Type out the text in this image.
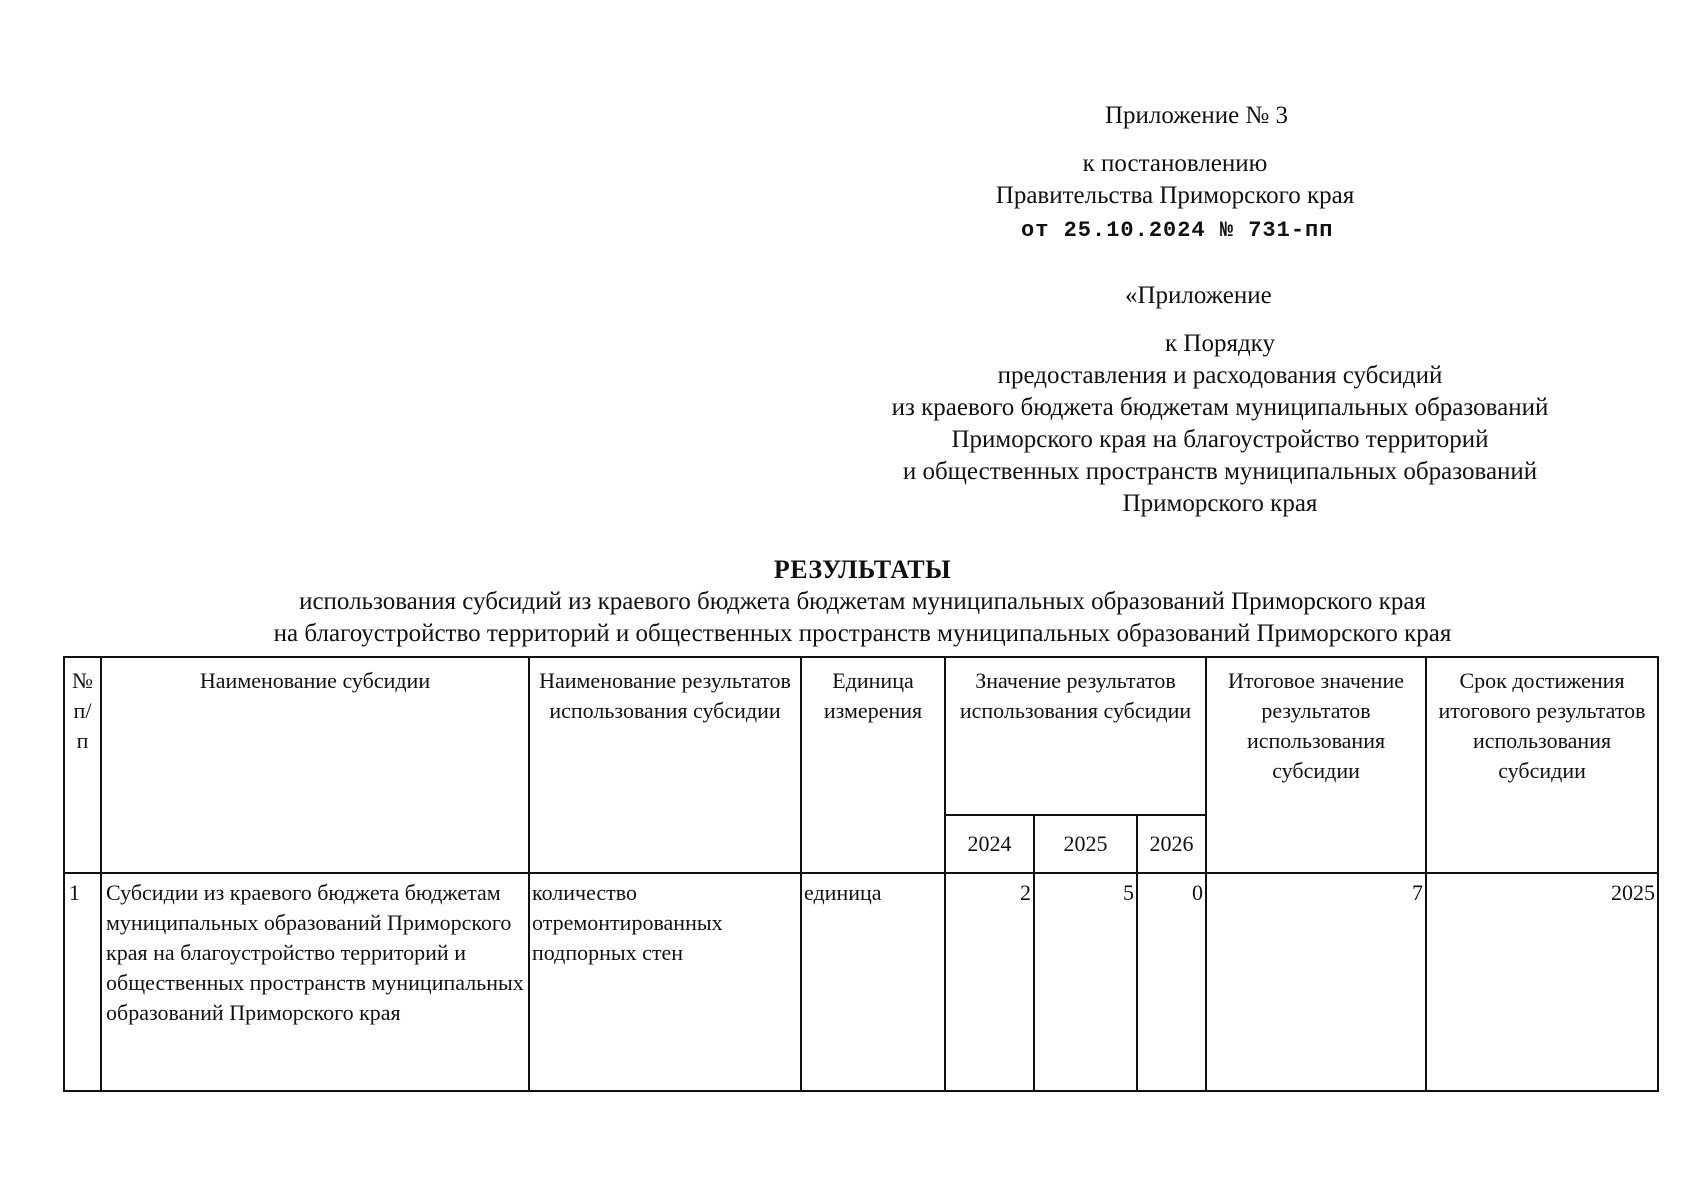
Приложение № 3
к постановлению
Правительства Приморского края
от 25.10.2024 № 731-пп
«Приложение
к Порядку
предоставления и расходования субсидий
из краевого бюджета бюджетам муниципальных образований
Приморского края на благоустройство территорий
и общественных пространств муниципальных образований
Приморского края
РЕЗУЛЬТАТЫ
использования субсидий из краевого бюджета бюджетам муниципальных образований Приморского края
на благоустройство территорий и общественных пространств муниципальных образований Приморского края
№ п/ п	Наименование субсидии	Наименование результатов использования субсидии	Единица измерения	Значение результатов использования субсидии			Итоговое значение результатов использования субсидии	Срок достижения итогового результатов использования субсидии
				2024	2025	2026		
1	Субсидии из краевого бюджета бюджетам муниципальных образований Приморского края на благоустройство территорий и общественных пространств муниципальных образований Приморского края	количество отремонтированных подпорных стен	единица	2	5	0	7	2025
